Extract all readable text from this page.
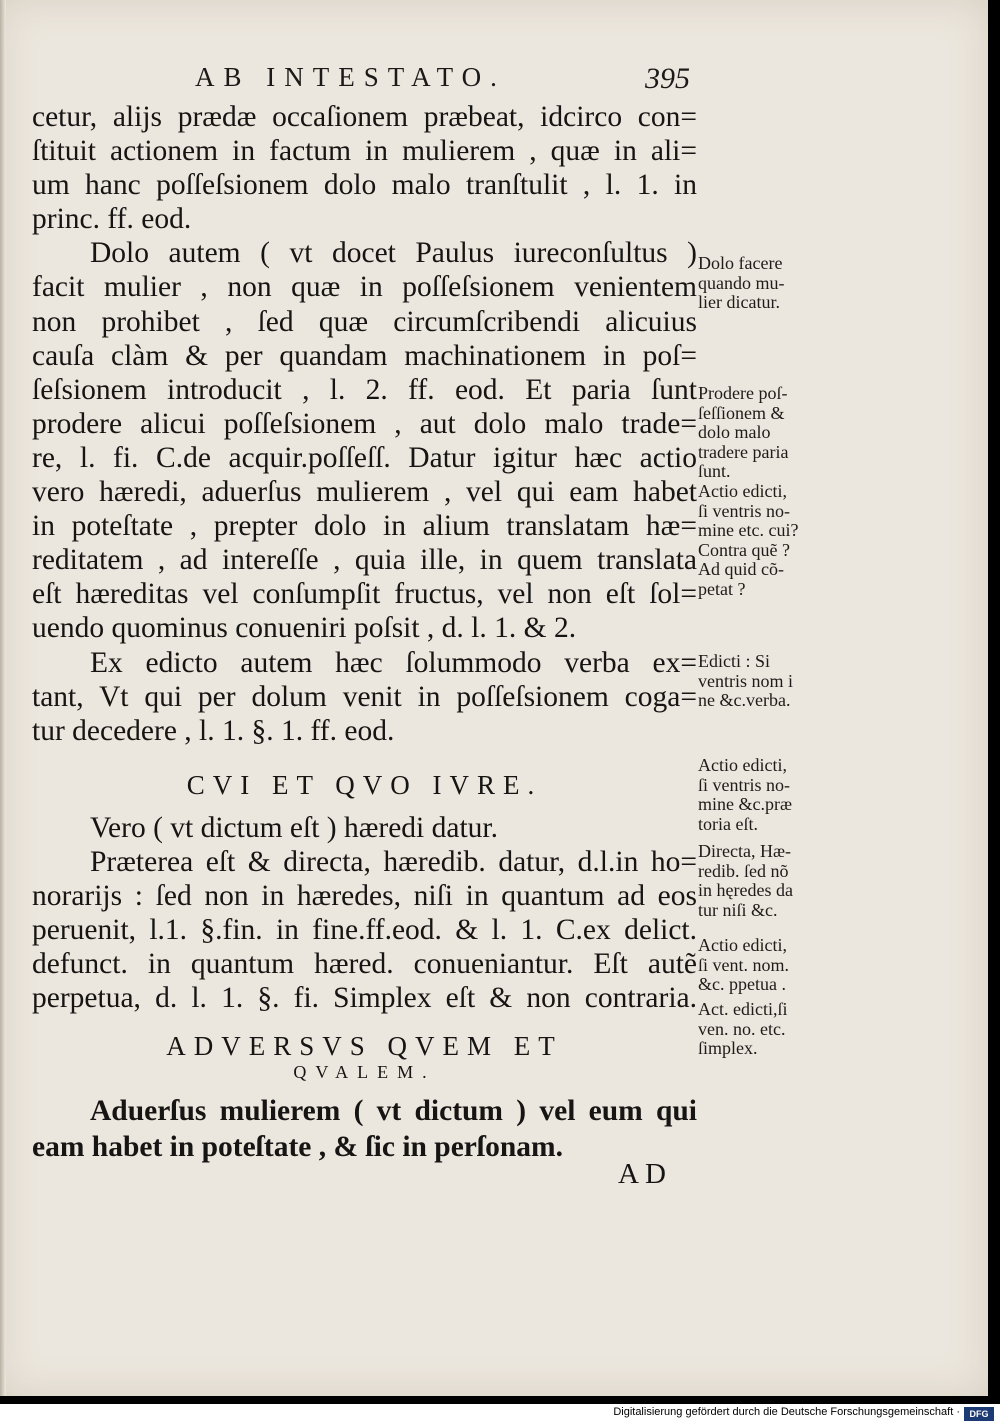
AB INTESTATO.	395
cetur, alijs prædæ occaſionem præbeat, idcirco con=
ſtituit actionem in factum in mulierem , quæ in ali=
um hanc poſſeſsionem dolo malo tranſtulit , l. 1. in
princ. ff. eod.
Dolo autem ( vt docet Paulus iureconſultus )
facit mulier , non quæ in poſſeſsionem venientem
non prohibet , ſed quæ circumſcribendi alicuius
cauſa clàm & per quandam machinationem in poſ=
ſeſsionem introducit , l. 2. ff. eod. Et paria ſunt
prodere alicui poſſeſsionem , aut dolo malo trade=
re, l. fi. C.de acquir.poſſeſſ. Datur igitur hæc actio
vero hæredi, aduerſus mulierem , vel qui eam habet
in poteſtate , prepter dolo in alium translatam hæ=
reditatem , ad intereſſe , quia ille, in quem translata
eſt hæreditas vel conſumpſit fructus, vel non eſt ſol=
uendo quominus conueniri poſsit , d. l. 1. & 2.
Ex edicto autem hæc ſolummodo verba ex=
tant, Vt qui per dolum venit in poſſeſsionem coga=
tur decedere , l. 1. §. 1. ff. eod.
CVI ET QVO IVRE.
Vero ( vt dictum eſt ) hæredi datur.
Præterea eſt & directa, hæredib. datur, d.l.in ho=
norarijs : ſed non in hæredes, niſi in quantum ad eos
peruenit, l.1. §.fin. in fine.ff.eod. & l. 1. C.ex delict.
defunct. in quantum hæred. conueniantur. Eſt autẽ
perpetua, d. l. 1. §. fi. Simplex eſt & non contraria.
ADVERSVS QVEM ET
QVALEM.
Aduerſus mulierem ( vt dictum ) vel eum qui
eam habet in poteſtate , & ſic in perſonam.
AD
Dolo facere
quando mu-
lier dicatur.
Prodere poſ-
ſeſſionem &
dolo malo
tradere paria
ſunt.
Actio edicti,
ſi ventris no-
mine etc. cui?
Contra quẽ ?
Ad quid cõ-
petat ?
Edicti : Si
ventris nom i
ne &c.verba.
Actio edicti,
ſi ventris no-
mine &c.præ
toria eſt.
Directa, Hæ-
redib. ſed nõ
in hęredes da
tur niſi &c.
Actio edicti,
ſi vent. nom.
&c. ppetua .
Act. edicti,ſi
ven. no. etc.
ſimplex.
Digitalisierung gefördert durch die Deutsche Forschungsgemeinschaft ·	DFG
